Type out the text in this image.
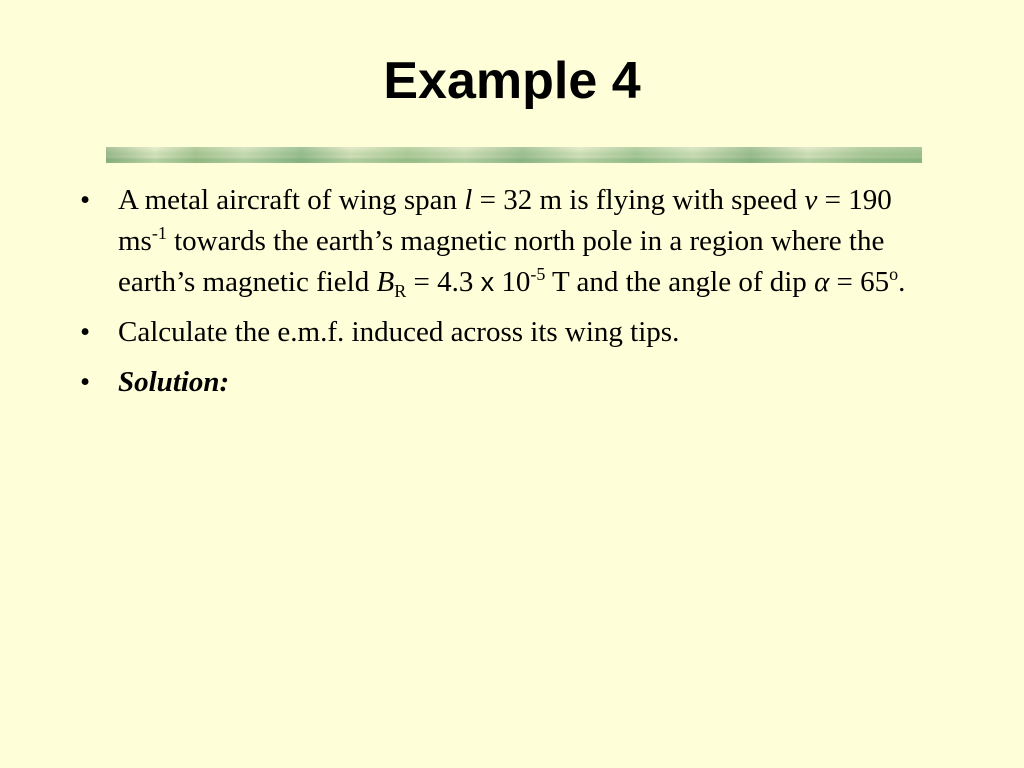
Example 4
• A metal aircraft of wing span l = 32 m is flying with speed v = 190 $ms^{-1}$ towards the earth’s magnetic north pole in a region where the earth’s magnetic field $B_R = 4.3$ x $10^{-5}$ T and the angle of dip $\alpha = 65^o$.
• Calculate the e.m.f. induced across its wing tips.
• Solution:
